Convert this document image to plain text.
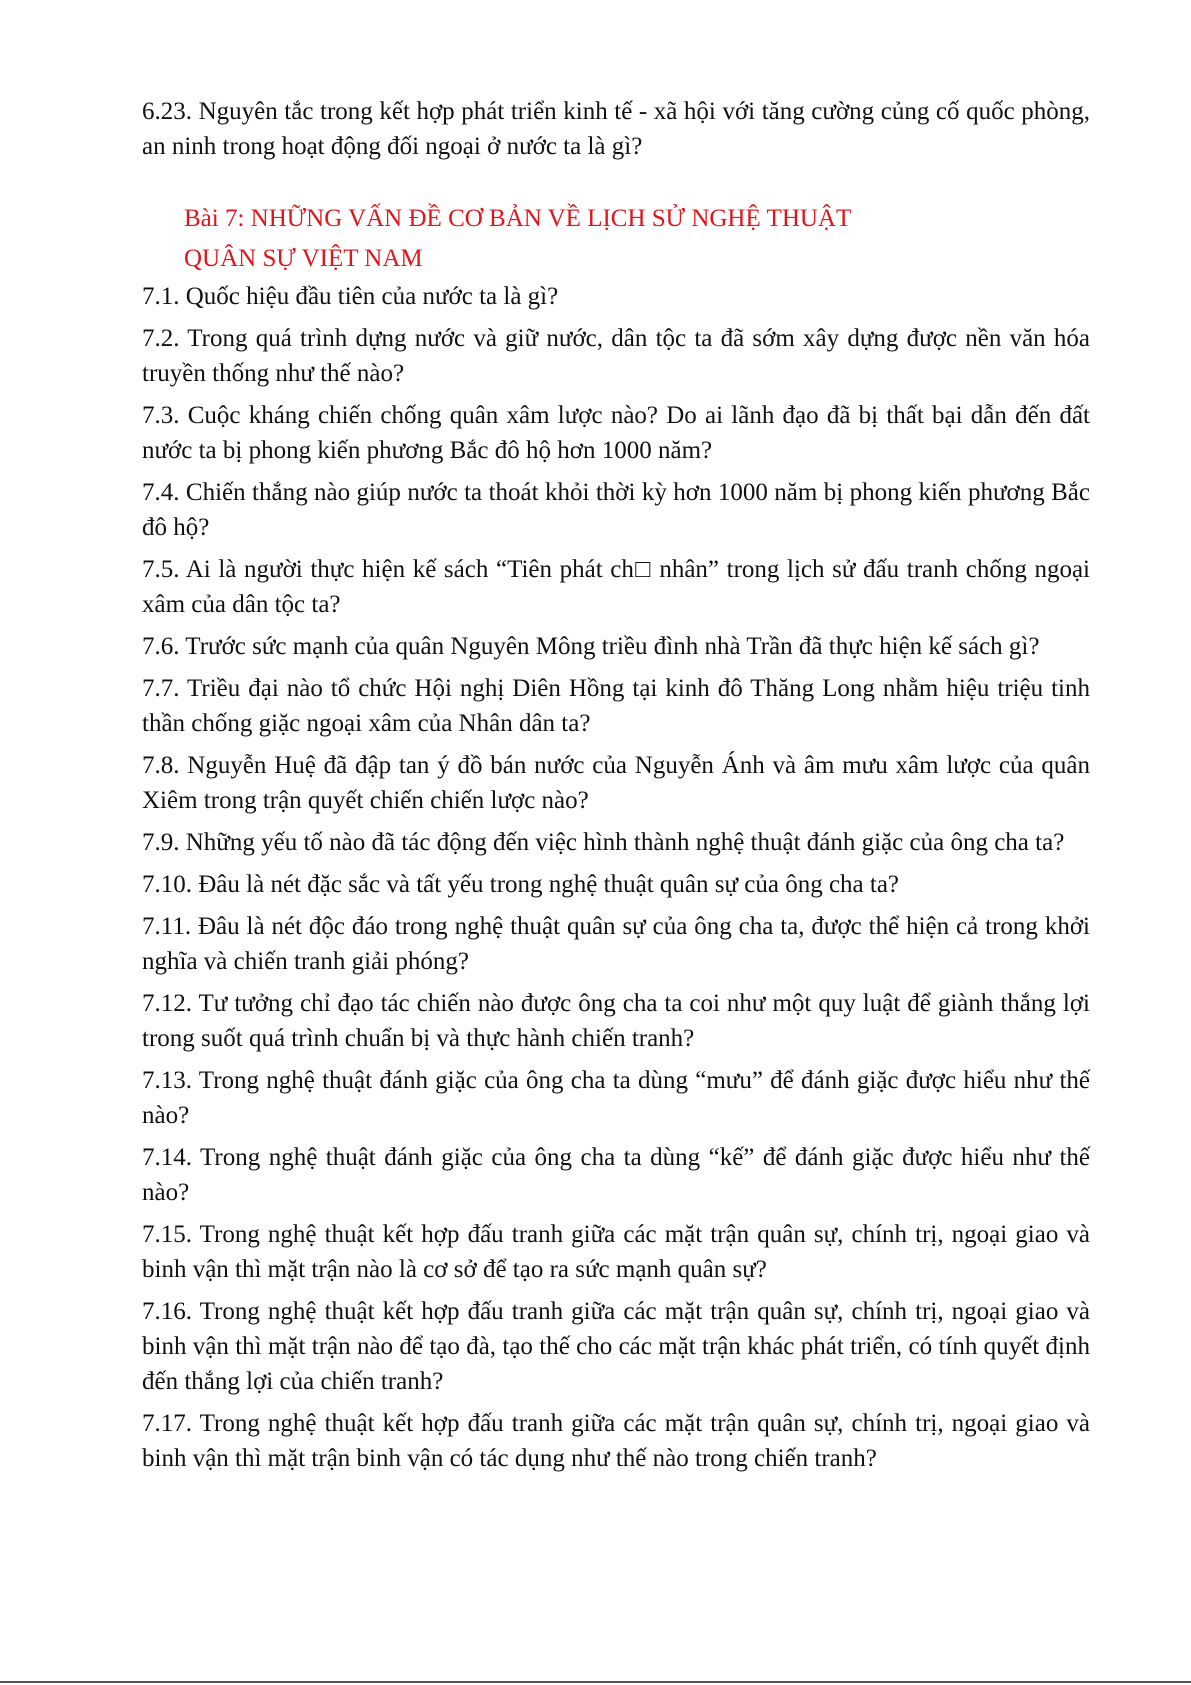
6.23. Nguyên tắc trong kết hợp phát triển kinh tế - xã hội với tăng cường củng cố quốc phòng, an ninh trong hoạt động đối ngoại ở nước ta là gì?

Bài 7: NHỮNG VẤN ĐỀ CƠ BẢN VỀ LỊCH SỬ NGHỆ THUẬT

QUÂN SỰ VIỆT NAM

7.1. Quốc hiệu đầu tiên của nước ta là gì?

7.2. Trong quá trình dựng nước và giữ nước, dân tộc ta đã sớm xây dựng được nền văn hóa truyền thống như thế nào?

7.3. Cuộc kháng chiến chống quân xâm lược nào? Do ai lãnh đạo đã bị thất bại dẫn đến đất nước ta bị phong kiến phương Bắc đô hộ hơn 1000 năm?

7.4. Chiến thắng nào giúp nước ta thoát khỏi thời kỳ hơn 1000 năm bị phong kiến phương Bắc đô hộ?

7.5. Ai là người thực hiện kế sách “Tiên phát ch□ nhân” trong lịch sử đấu tranh chống ngoại xâm của dân tộc ta?

7.6. Trước sức mạnh của quân Nguyên Mông triều đình nhà Trần đã thực hiện kế sách gì?

7.7. Triều đại nào tổ chức Hội nghị Diên Hồng tại kinh đô Thăng Long nhằm hiệu triệu tinh thần chống giặc ngoại xâm của Nhân dân ta?

7.8. Nguyễn Huệ đã đập tan ý đồ bán nước của Nguyễn Ánh và âm mưu xâm lược của quân Xiêm trong trận quyết chiến chiến lược nào?

7.9. Những yếu tố nào đã tác động đến việc hình thành nghệ thuật đánh giặc của ông cha ta?

7.10. Đâu là nét đặc sắc và tất yếu trong nghệ thuật quân sự của ông cha ta?

7.11. Đâu là nét độc đáo trong nghệ thuật quân sự của ông cha ta, được thể hiện cả trong khởi nghĩa và chiến tranh giải phóng?

7.12. Tư tưởng chỉ đạo tác chiến nào được ông cha ta coi như một quy luật để giành thắng lợi trong suốt quá trình chuẩn bị và thực hành chiến tranh?

7.13. Trong nghệ thuật đánh giặc của ông cha ta dùng “mưu” để đánh giặc được hiểu như thế nào?

7.14. Trong nghệ thuật đánh giặc của ông cha ta dùng “kế” để đánh giặc được hiểu như thế nào?

7.15. Trong nghệ thuật kết hợp đấu tranh giữa các mặt trận quân sự, chính trị, ngoại giao và binh vận thì mặt trận nào là cơ sở để tạo ra sức mạnh quân sự?

7.16. Trong nghệ thuật kết hợp đấu tranh giữa các mặt trận quân sự, chính trị, ngoại giao và binh vận thì mặt trận nào để tạo đà, tạo thế cho các mặt trận khác phát triển, có tính quyết định đến thắng lợi của chiến tranh?

7.17. Trong nghệ thuật kết hợp đấu tranh giữa các mặt trận quân sự, chính trị, ngoại giao và binh vận thì mặt trận binh vận có tác dụng như thế nào trong chiến tranh?
